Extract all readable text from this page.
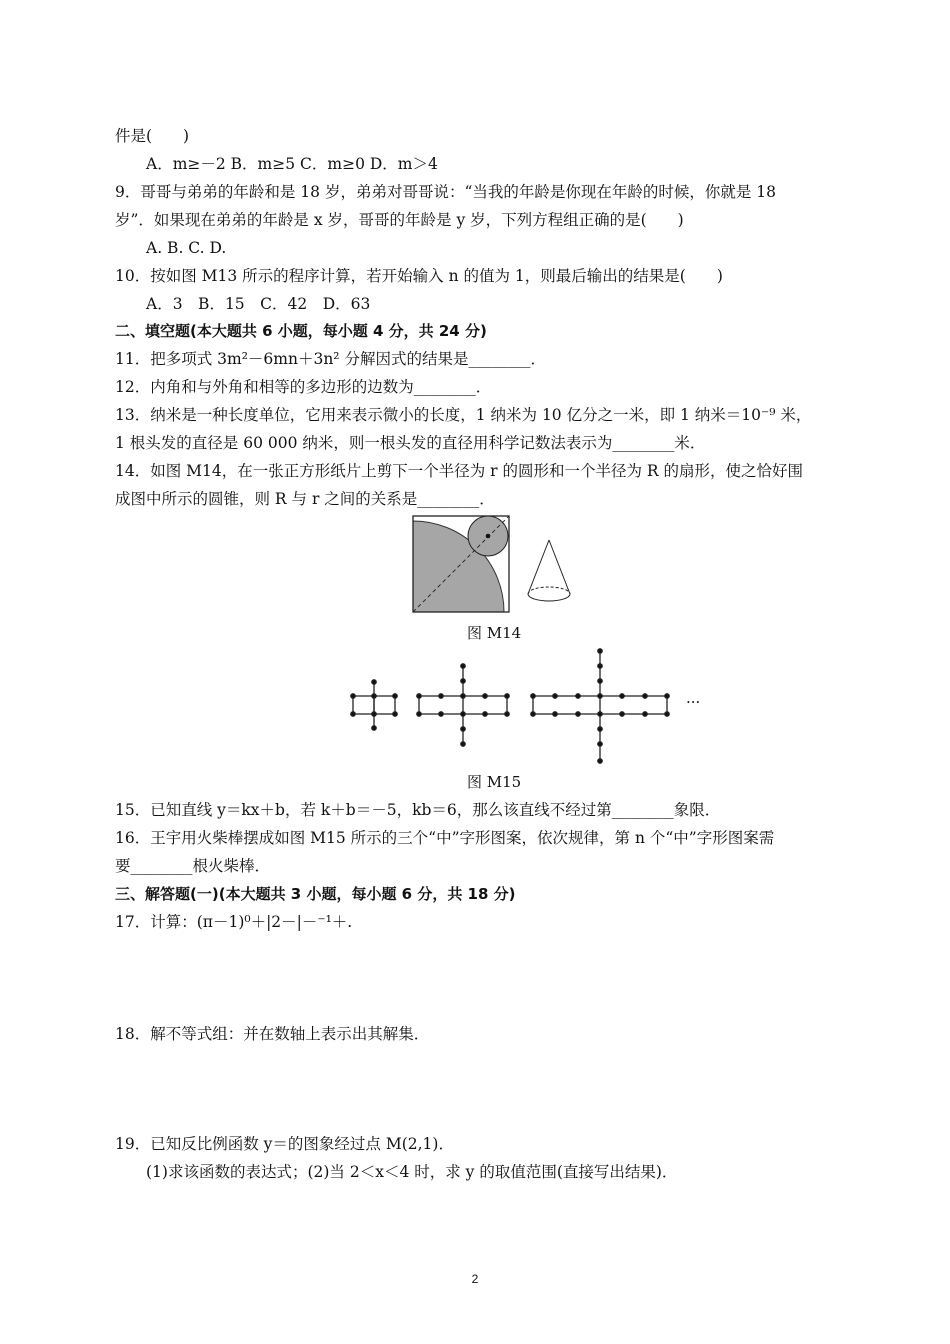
件是(　　)
A．m≥－2 B．m≥5 C．m≥0 D．m＞4
9．哥哥与弟弟的年龄和是 18 岁，弟弟对哥哥说：“当我的年龄是你现在年龄的时候，你就是 18
岁”．如果现在弟弟的年龄是 x 岁，哥哥的年龄是 y 岁，下列方程组正确的是(　　)
A. B. C. D.
10．按如图 M13 所示的程序计算，若开始输入 n 的值为 1，则最后输出的结果是(　　)
A．3　B．15　C．42　D．63
二、填空题(本大题共 6 小题，每小题 4 分，共 24 分)
11．把多项式 3m²－6mn＋3n² 分解因式的结果是________．
12．内角和与外角和相等的多边形的边数为________．
13．纳米是一种长度单位，它用来表示微小的长度，1 纳米为 10 亿分之一米，即 1 纳米＝10⁻⁹ 米，
1 根头发的直径是 60 000 纳米，则一根头发的直径用科学记数法表示为________米．
14．如图 M14，在一张正方形纸片上剪下一个半径为 r 的圆形和一个半径为 R 的扇形，使之恰好围
成图中所示的圆锥，则 R 与 r 之间的关系是________．
图 M14
···
图 M15
15．已知直线 y＝kx＋b，若 k＋b＝－5，kb＝6，那么该直线不经过第________象限．
16．王宇用火柴棒摆成如图 M15 所示的三个“中”字形图案，依次规律，第 n 个“中”字形图案需
要________根火柴棒．
三、解答题(一)(本大题共 3 小题，每小题 6 分，共 18 分)
17．计算：(π－1)⁰＋|2－|－⁻¹＋.
18．解不等式组：并在数轴上表示出其解集．
19．已知反比例函数 y＝的图象经过点 M(2,1)．
(1)求该函数的表达式；(2)当 2＜x＜4 时，求 y 的取值范围(直接写出结果)．
2
